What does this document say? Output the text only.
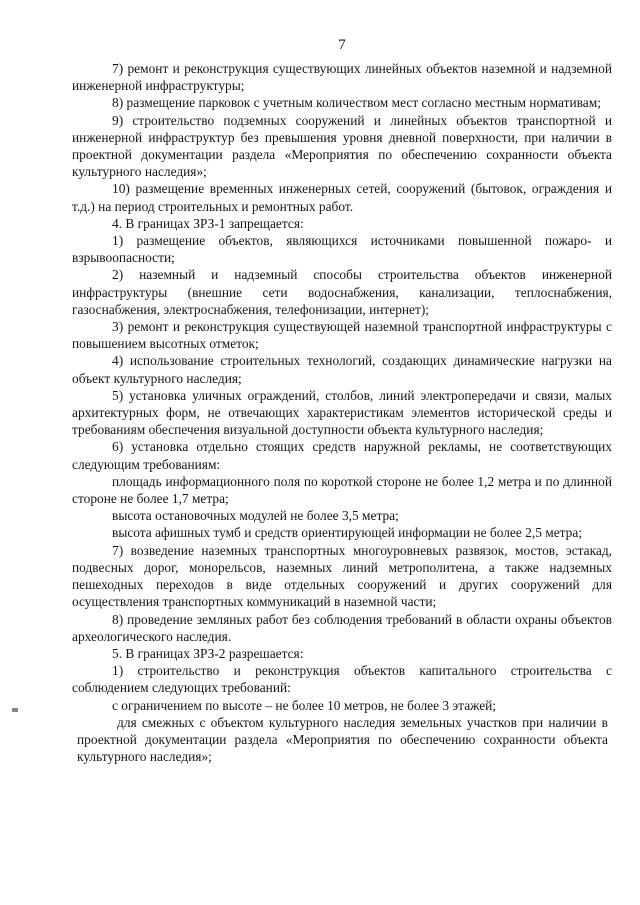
7

7) ремонт и реконструкция существующих линейных объектов наземной и надземной инженерной инфраструктуры;

8) размещение парковок с учетным количеством мест согласно местным нормативам;

9) строительство подземных сооружений и линейных объектов транспортной и инженерной инфраструктур без превышения уровня дневной поверхности, при наличии в проектной документации раздела «Мероприятия по обеспечению сохранности объекта культурного наследия»;

10) размещение временных инженерных сетей, сооружений (бытовок, ограждения и т.д.) на период строительных и ремонтных работ.

4. В границах ЗРЗ-1 запрещается:

1) размещение объектов, являющихся источниками повышенной пожаро- и взрывоопасности;

2) наземный и надземный способы строительства объектов инженерной инфраструктуры (внешние сети водоснабжения, канализации, теплоснабжения, газоснабжения, электроснабжения, телефонизации, интернет);

3) ремонт и реконструкция существующей наземной транспортной инфраструктуры с повышением высотных отметок;

4) использование строительных технологий, создающих динамические нагрузки на объект культурного наследия;

5) установка уличных ограждений, столбов, линий электропередачи и связи, малых архитектурных форм, не отвечающих характеристикам элементов исторической среды и требованиям обеспечения визуальной доступности объекта культурного наследия;

6) установка отдельно стоящих средств наружной рекламы, не соответствующих следующим требованиям:

площадь информационного поля по короткой стороне не более 1,2 метра и по длинной стороне не более 1,7 метра;

высота остановочных модулей не более 3,5 метра;

высота афишных тумб и средств ориентирующей информации не более 2,5 метра;

7) возведение наземных транспортных многоуровневых развязок, мостов, эстакад, подвесных дорог, монорельсов, наземных линий метрополитена, а также надземных пешеходных переходов в виде отдельных сооружений и других сооружений для осуществления транспортных коммуникаций в наземной части;

8) проведение земляных работ без соблюдения требований в области охраны объектов археологического наследия.

5. В границах ЗРЗ-2 разрешается:

1) строительство и реконструкция объектов капитального строительства с соблюдением следующих требований:

с ограничением по высоте – не более 10 метров, не более 3 этажей;

для смежных с объектом культурного наследия земельных участков при наличии в проектной документации раздела «Мероприятия по обеспечению сохранности объекта культурного наследия»;
